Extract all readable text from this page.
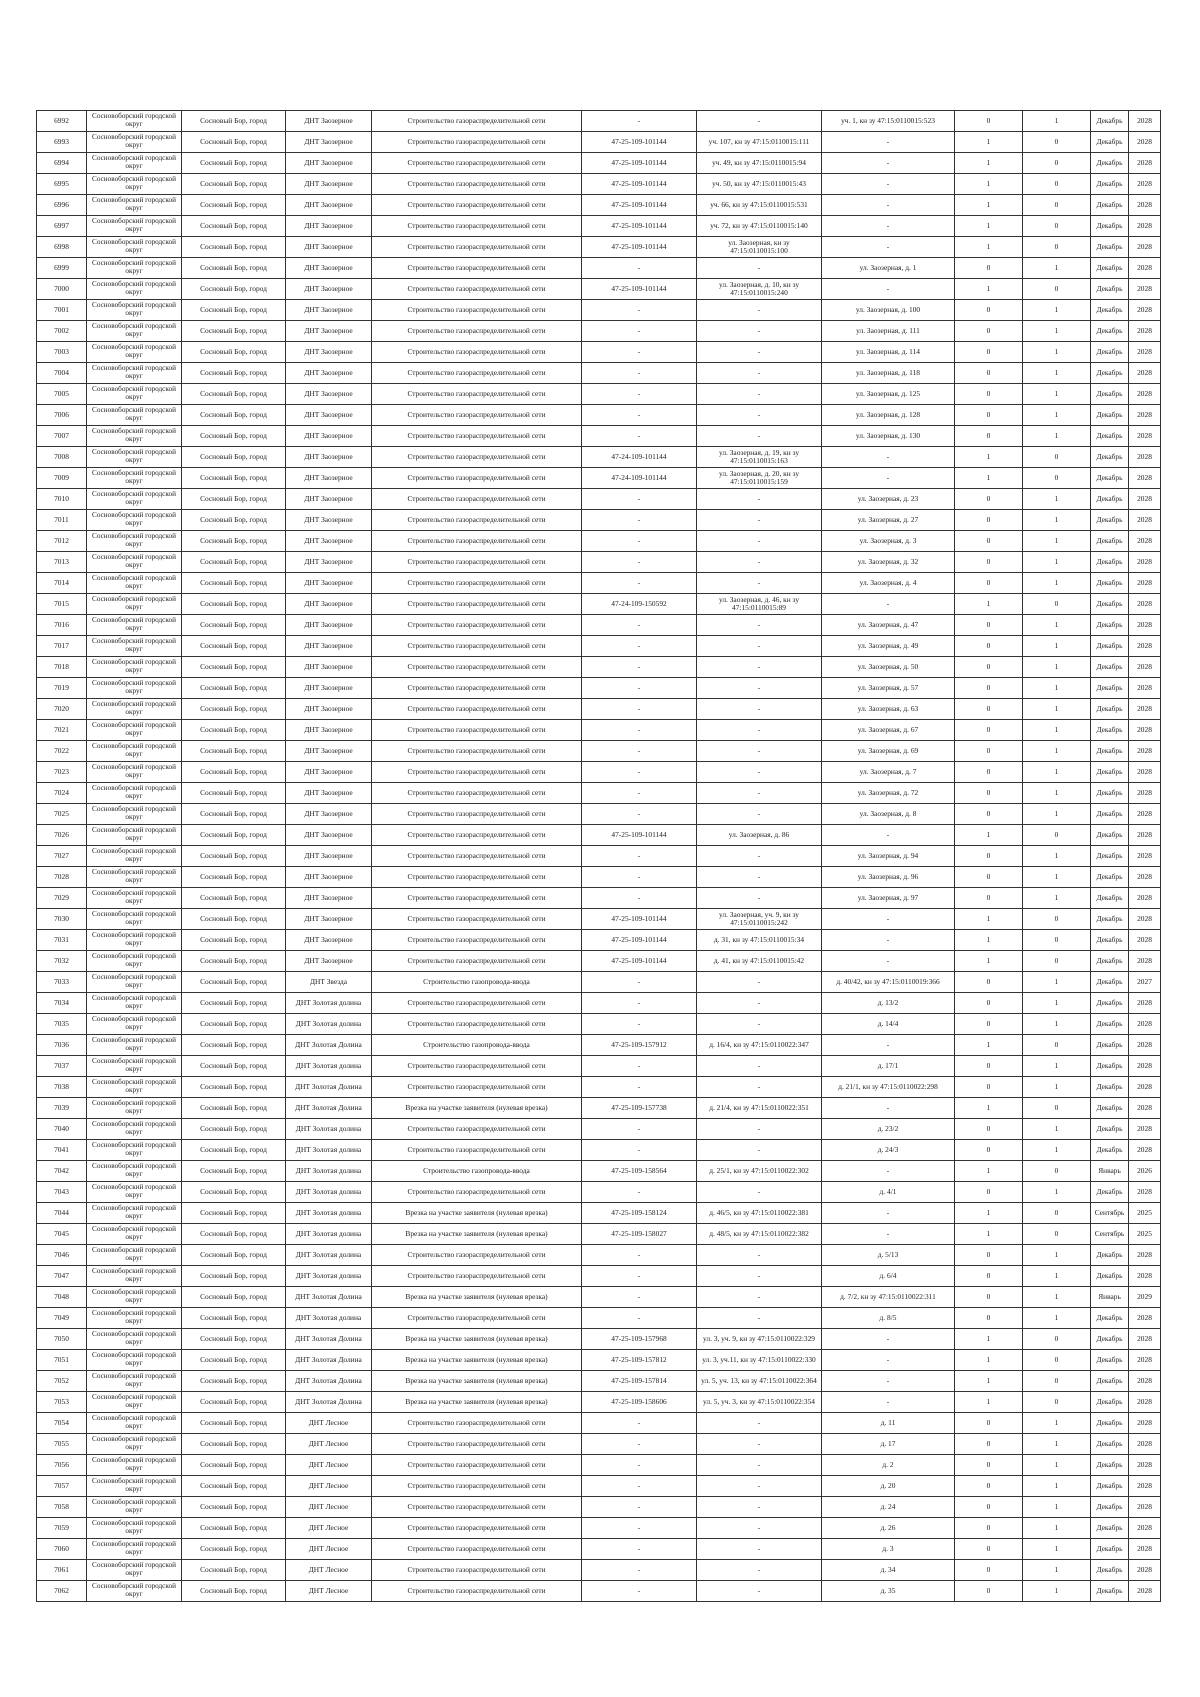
6992	Сосновоборский городской округ	Сосновый Бор, город	ДНТ Заозерное	Строительство газораспределительной сети	-	-	уч. 1, кн зу 47:15:0110015:523	0	1	Декабрь	2028
6993	Сосновоборский городской округ	Сосновый Бор, город	ДНТ Заозерное	Строительство газораспределительной сети	47-25-109-101144	уч. 107, кн зу 47:15:0110015:111	-	1	0	Декабрь	2028
6994	Сосновоборский городской округ	Сосновый Бор, город	ДНТ Заозерное	Строительство газораспределительной сети	47-25-109-101144	уч. 49, кн зу 47:15:0110015:94	-	1	0	Декабрь	2028
6995	Сосновоборский городской округ	Сосновый Бор, город	ДНТ Заозерное	Строительство газораспределительной сети	47-25-109-101144	уч. 50, кн зу 47:15:0110015:43	-	1	0	Декабрь	2028
6996	Сосновоборский городской округ	Сосновый Бор, город	ДНТ Заозерное	Строительство газораспределительной сети	47-25-109-101144	уч. 66, кн зу 47:15:0110015:531	-	1	0	Декабрь	2028
6997	Сосновоборский городской округ	Сосновый Бор, город	ДНТ Заозерное	Строительство газораспределительной сети	47-25-109-101144	уч. 72, кн зу 47:15:0110015:140	-	1	0	Декабрь	2028
6998	Сосновоборский городской округ	Сосновый Бор, город	ДНТ Заозерное	Строительство газораспределительной сети	47-25-109-101144	ул. Заозерная, кн зу 47:15:0110015:100	-	1	0	Декабрь	2028
6999	Сосновоборский городской округ	Сосновый Бор, город	ДНТ Заозерное	Строительство газораспределительной сети	-	-	ул. Заозерная, д. 1	0	1	Декабрь	2028
7000	Сосновоборский городской округ	Сосновый Бор, город	ДНТ Заозерное	Строительство газораспределительной сети	47-25-109-101144	ул. Заозерная, д. 10, кн зу 47:15:0110015:240	-	1	0	Декабрь	2028
7001	Сосновоборский городской округ	Сосновый Бор, город	ДНТ Заозерное	Строительство газораспределительной сети	-	-	ул. Заозерная, д. 100	0	1	Декабрь	2028
7002	Сосновоборский городской округ	Сосновый Бор, город	ДНТ Заозерное	Строительство газораспределительной сети	-	-	ул. Заозерная, д. 111	0	1	Декабрь	2028
7003	Сосновоборский городской округ	Сосновый Бор, город	ДНТ Заозерное	Строительство газораспределительной сети	-	-	ул. Заозерная, д. 114	0	1	Декабрь	2028
7004	Сосновоборский городской округ	Сосновый Бор, город	ДНТ Заозерное	Строительство газораспределительной сети	-	-	ул. Заозерная, д. 118	0	1	Декабрь	2028
7005	Сосновоборский городской округ	Сосновый Бор, город	ДНТ Заозерное	Строительство газораспределительной сети	-	-	ул. Заозерная, д. 125	0	1	Декабрь	2028
7006	Сосновоборский городской округ	Сосновый Бор, город	ДНТ Заозерное	Строительство газораспределительной сети	-	-	ул. Заозерная, д. 128	0	1	Декабрь	2028
7007	Сосновоборский городской округ	Сосновый Бор, город	ДНТ Заозерное	Строительство газораспределительной сети	-	-	ул. Заозерная, д. 130	0	1	Декабрь	2028
7008	Сосновоборский городской округ	Сосновый Бор, город	ДНТ Заозерное	Строительство газораспределительной сети	47-24-109-101144	ул. Заозерная, д. 19, кн зу 47:15:0110015:163	-	1	0	Декабрь	2028
7009	Сосновоборский городской округ	Сосновый Бор, город	ДНТ Заозерное	Строительство газораспределительной сети	47-24-109-101144	ул. Заозерная, д. 20, кн зу 47:15:0110015:159	-	1	0	Декабрь	2028
7010	Сосновоборский городской округ	Сосновый Бор, город	ДНТ Заозерное	Строительство газораспределительной сети	-	-	ул. Заозерная, д. 23	0	1	Декабрь	2028
7011	Сосновоборский городской округ	Сосновый Бор, город	ДНТ Заозерное	Строительство газораспределительной сети	-	-	ул. Заозерная, д. 27	0	1	Декабрь	2028
7012	Сосновоборский городской округ	Сосновый Бор, город	ДНТ Заозерное	Строительство газораспределительной сети	-	-	ул. Заозерная, д. 3	0	1	Декабрь	2028
7013	Сосновоборский городской округ	Сосновый Бор, город	ДНТ Заозерное	Строительство газораспределительной сети	-	-	ул. Заозерная, д. 32	0	1	Декабрь	2028
7014	Сосновоборский городской округ	Сосновый Бор, город	ДНТ Заозерное	Строительство газораспределительной сети	-	-	ул. Заозерная, д. 4	0	1	Декабрь	2028
7015	Сосновоборский городской округ	Сосновый Бор, город	ДНТ Заозерное	Строительство газораспределительной сети	47-24-109-150592	ул. Заозерная, д. 46, кн зу 47:15:0110015:89	-	1	0	Декабрь	2028
7016	Сосновоборский городской округ	Сосновый Бор, город	ДНТ Заозерное	Строительство газораспределительной сети	-	-	ул. Заозерная, д. 47	0	1	Декабрь	2028
7017	Сосновоборский городской округ	Сосновый Бор, город	ДНТ Заозерное	Строительство газораспределительной сети	-	-	ул. Заозерная, д. 49	0	1	Декабрь	2028
7018	Сосновоборский городской округ	Сосновый Бор, город	ДНТ Заозерное	Строительство газораспределительной сети	-	-	ул. Заозерная, д. 50	0	1	Декабрь	2028
7019	Сосновоборский городской округ	Сосновый Бор, город	ДНТ Заозерное	Строительство газораспределительной сети	-	-	ул. Заозерная, д. 57	0	1	Декабрь	2028
7020	Сосновоборский городской округ	Сосновый Бор, город	ДНТ Заозерное	Строительство газораспределительной сети	-	-	ул. Заозерная, д. 63	0	1	Декабрь	2028
7021	Сосновоборский городской округ	Сосновый Бор, город	ДНТ Заозерное	Строительство газораспределительной сети	-	-	ул. Заозерная, д. 67	0	1	Декабрь	2028
7022	Сосновоборский городской округ	Сосновый Бор, город	ДНТ Заозерное	Строительство газораспределительной сети	-	-	ул. Заозерная, д. 69	0	1	Декабрь	2028
7023	Сосновоборский городской округ	Сосновый Бор, город	ДНТ Заозерное	Строительство газораспределительной сети	-	-	ул. Заозерная, д. 7	0	1	Декабрь	2028
7024	Сосновоборский городской округ	Сосновый Бор, город	ДНТ Заозерное	Строительство газораспределительной сети	-	-	ул. Заозерная, д. 72	0	1	Декабрь	2028
7025	Сосновоборский городской округ	Сосновый Бор, город	ДНТ Заозерное	Строительство газораспределительной сети	-	-	ул. Заозерная, д. 8	0	1	Декабрь	2028
7026	Сосновоборский городской округ	Сосновый Бор, город	ДНТ Заозерное	Строительство газораспределительной сети	47-25-109-101144	ул. Заозерная, д. 86	-	1	0	Декабрь	2028
7027	Сосновоборский городской округ	Сосновый Бор, город	ДНТ Заозерное	Строительство газораспределительной сети	-	-	ул. Заозерная, д. 94	0	1	Декабрь	2028
7028	Сосновоборский городской округ	Сосновый Бор, город	ДНТ Заозерное	Строительство газораспределительной сети	-	-	ул. Заозерная, д. 96	0	1	Декабрь	2028
7029	Сосновоборский городской округ	Сосновый Бор, город	ДНТ Заозерное	Строительство газораспределительной сети	-	-	ул. Заозерная, д. 97	0	1	Декабрь	2028
7030	Сосновоборский городской округ	Сосновый Бор, город	ДНТ Заозерное	Строительство газораспределительной сети	47-25-109-101144	ул. Заозерная, уч. 9, кн зу 47:15:0110015:242	-	1	0	Декабрь	2028
7031	Сосновоборский городской округ	Сосновый Бор, город	ДНТ Заозерное	Строительство газораспределительной сети	47-25-109-101144	д. 31, кн зу 47:15:0110015:34	-	1	0	Декабрь	2028
7032	Сосновоборский городской округ	Сосновый Бор, город	ДНТ Заозерное	Строительство газораспределительной сети	47-25-109-101144	д. 41, кн зу 47:15:0110015:42	-	1	0	Декабрь	2028
7033	Сосновоборский городской округ	Сосновый Бор, город	ДНТ Звезда	Строительство газопровода-ввода	-	-	д. 40/42, кн зу 47:15:0110019:366	0	1	Декабрь	2027
7034	Сосновоборский городской округ	Сосновый Бор, город	ДНТ Золотая долина	Строительство газораспределительной сети	-	-	д. 13/2	0	1	Декабрь	2028
7035	Сосновоборский городской округ	Сосновый Бор, город	ДНТ Золотая долина	Строительство газораспределительной сети	-	-	д. 14/4	0	1	Декабрь	2028
7036	Сосновоборский городской округ	Сосновый Бор, город	ДНТ Золотая Долина	Строительство газопровода-ввода	47-25-109-157912	д. 16/4, кн зу 47:15:0110022:347	-	1	0	Декабрь	2028
7037	Сосновоборский городской округ	Сосновый Бор, город	ДНТ Золотая долина	Строительство газораспределительной сети	-	-	д. 17/1	0	1	Декабрь	2028
7038	Сосновоборский городской округ	Сосновый Бор, город	ДНТ Золотая Долина	Строительство газораспределительной сети	-	-	д. 21/1, кн зу 47:15:0110022:298	0	1	Декабрь	2028
7039	Сосновоборский городской округ	Сосновый Бор, город	ДНТ Золотая Долина	Врезка на участке заявителя (нулевая врезка)	47-25-109-157738	д. 21/4, кн зу 47:15:0110022:351	-	1	0	Декабрь	2028
7040	Сосновоборский городской округ	Сосновый Бор, город	ДНТ Золотая долина	Строительство газораспределительной сети	-	-	д. 23/2	0	1	Декабрь	2028
7041	Сосновоборский городской округ	Сосновый Бор, город	ДНТ Золотая долина	Строительство газораспределительной сети	-	-	д. 24/3	0	1	Декабрь	2028
7042	Сосновоборский городской округ	Сосновый Бор, город	ДНТ Золотая долина	Строительство газопровода-ввода	47-25-109-158564	д. 25/1, кн зу 47:15:0110022:302	-	1	0	Январь	2026
7043	Сосновоборский городской округ	Сосновый Бор, город	ДНТ Золотая долина	Строительство газораспределительной сети	-	-	д. 4/1	0	1	Декабрь	2028
7044	Сосновоборский городской округ	Сосновый Бор, город	ДНТ Золотая долина	Врезка на участке заявителя (нулевая врезка)	47-25-109-158124	д. 46/5, кн зу 47:15:0110022:381	-	1	0	Сентябрь	2025
7045	Сосновоборский городской округ	Сосновый Бор, город	ДНТ Золотая долина	Врезка на участке заявителя (нулевая врезка)	47-25-109-158027	д. 48/5, кн зу 47:15:0110022:382	-	1	0	Сентябрь	2025
7046	Сосновоборский городской округ	Сосновый Бор, город	ДНТ Золотая долина	Строительство газораспределительной сети	-	-	д. 5/13	0	1	Декабрь	2028
7047	Сосновоборский городской округ	Сосновый Бор, город	ДНТ Золотая долина	Строительство газораспределительной сети	-	-	д. 6/4	0	1	Декабрь	2028
7048	Сосновоборский городской округ	Сосновый Бор, город	ДНТ Золотая Долина	Врезка на участке заявителя (нулевая врезка)	-	-	д. 7/2, кн зу 47:15:0110022:311	0	1	Январь	2029
7049	Сосновоборский городской округ	Сосновый Бор, город	ДНТ Золотая долина	Строительство газораспределительной сети	-	-	д. 8/5	0	1	Декабрь	2028
7050	Сосновоборский городской округ	Сосновый Бор, город	ДНТ Золотая Долина	Врезка на участке заявителя (нулевая врезка)	47-25-109-157968	ул. 3, уч. 9, кн зу 47:15:0110022:329	-	1	0	Декабрь	2028
7051	Сосновоборский городской округ	Сосновый Бор, город	ДНТ Золотая Долина	Врезка на участке заявителя (нулевая врезка)	47-25-109-157812	ул. 3, уч.11, кн зу 47:15:0110022:330	-	1	0	Декабрь	2028
7052	Сосновоборский городской округ	Сосновый Бор, город	ДНТ Золотая Долина	Врезка на участке заявителя (нулевая врезка)	47-25-109-157814	ул. 5, уч. 13, кн зу 47:15:0110022:364	-	1	0	Декабрь	2028
7053	Сосновоборский городской округ	Сосновый Бор, город	ДНТ Золотая Долина	Врезка на участке заявителя (нулевая врезка)	47-25-109-158606	ул. 5, уч. 3, кн зу 47:15:0110022:354	-	1	0	Декабрь	2028
7054	Сосновоборский городской округ	Сосновый Бор, город	ДНТ Лесное	Строительство газораспределительной сети	-	-	д. 11	0	1	Декабрь	2028
7055	Сосновоборский городской округ	Сосновый Бор, город	ДНТ Лесное	Строительство газораспределительной сети	-	-	д. 17	0	1	Декабрь	2028
7056	Сосновоборский городской округ	Сосновый Бор, город	ДНТ Лесное	Строительство газораспределительной сети	-	-	д. 2	0	1	Декабрь	2028
7057	Сосновоборский городской округ	Сосновый Бор, город	ДНТ Лесное	Строительство газораспределительной сети	-	-	д. 20	0	1	Декабрь	2028
7058	Сосновоборский городской округ	Сосновый Бор, город	ДНТ Лесное	Строительство газораспределительной сети	-	-	д. 24	0	1	Декабрь	2028
7059	Сосновоборский городской округ	Сосновый Бор, город	ДНТ Лесное	Строительство газораспределительной сети	-	-	д. 26	0	1	Декабрь	2028
7060	Сосновоборский городской округ	Сосновый Бор, город	ДНТ Лесное	Строительство газораспределительной сети	-	-	д. 3	0	1	Декабрь	2028
7061	Сосновоборский городской округ	Сосновый Бор, город	ДНТ Лесное	Строительство газораспределительной сети	-	-	д. 34	0	1	Декабрь	2028
7062	Сосновоборский городской округ	Сосновый Бор, город	ДНТ Лесное	Строительство газораспределительной сети	-	-	д. 35	0	1	Декабрь	2028
